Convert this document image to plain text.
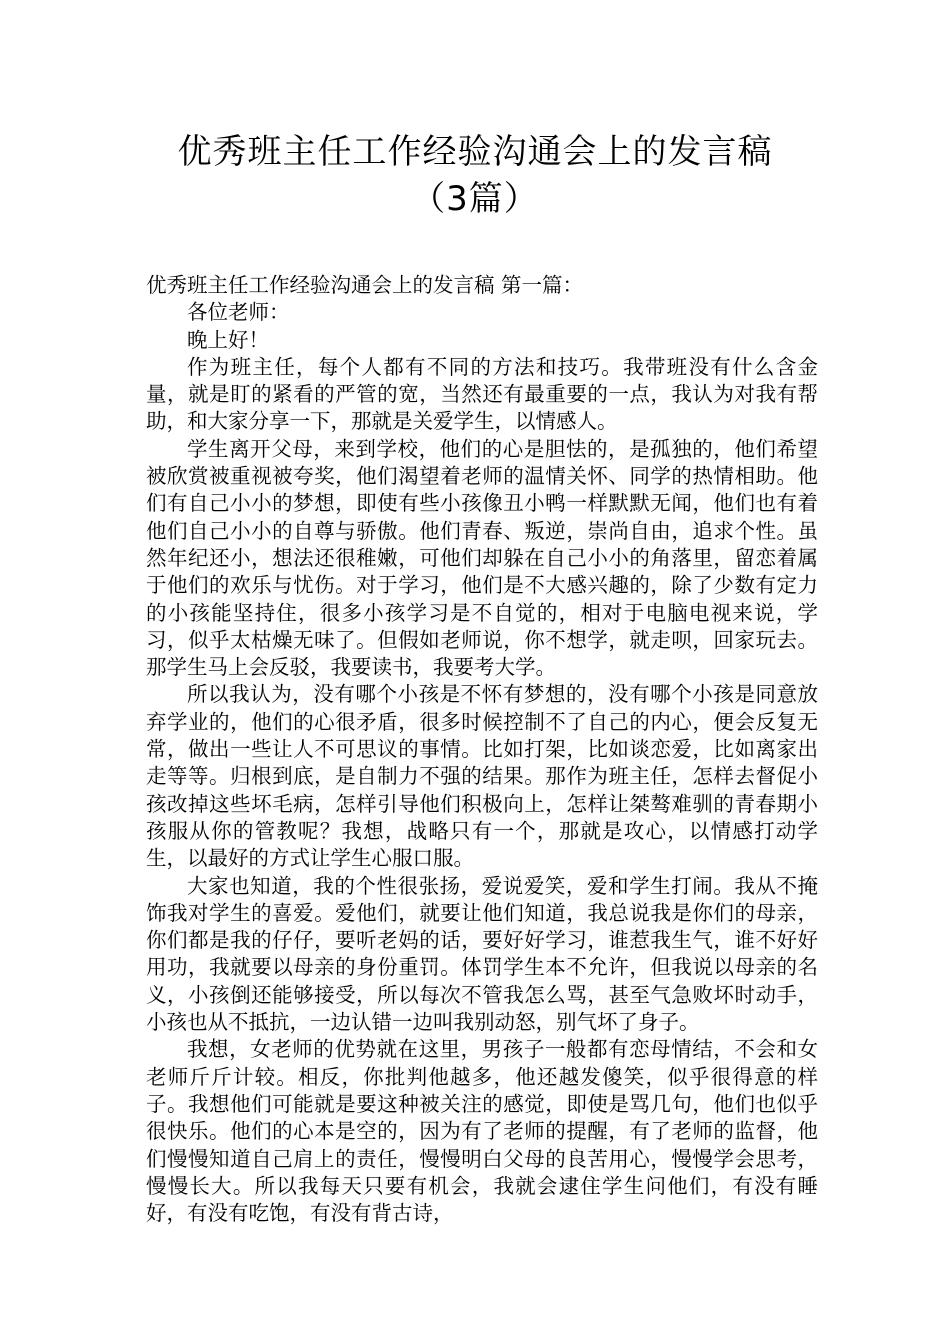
优秀班主任工作经验沟通会上的发言稿
（3篇）

优秀班主任工作经验沟通会上的发言稿 第一篇：

各位老师：

晚上好！

作为班主任，每个人都有不同的方法和技巧。我带班没有什么含金量，就是盯的紧看的严管的宽，当然还有最重要的一点，我认为对我有帮助，和大家分享一下，那就是关爱学生，以情感人。

学生离开父母，来到学校，他们的心是胆怯的，是孤独的，他们希望被欣赏被重视被夸奖，他们渴望着老师的温情关怀、同学的热情相助。他们有自己小小的梦想，即使有些小孩像丑小鸭一样默默无闻，他们也有着他们自己小小的自尊与骄傲。他们青春、叛逆，崇尚自由，追求个性。虽然年纪还小，想法还很稚嫩，可他们却躲在自己小小的角落里，留恋着属于他们的欢乐与忧伤。对于学习，他们是不大感兴趣的，除了少数有定力的小孩能坚持住，很多小孩学习是不自觉的，相对于电脑电视来说，学习，似乎太枯燥无味了。但假如老师说，你不想学，就走呗，回家玩去。那学生马上会反驳，我要读书，我要考大学。

所以我认为，没有哪个小孩是不怀有梦想的，没有哪个小孩是同意放弃学业的，他们的心很矛盾，很多时候控制不了自己的内心，便会反复无常，做出一些让人不可思议的事情。比如打架，比如谈恋爱，比如离家出走等等。归根到底，是自制力不强的结果。那作为班主任，怎样去督促小孩改掉这些坏毛病，怎样引导他们积极向上，怎样让桀骜难驯的青春期小孩服从你的管教呢？我想，战略只有一个，那就是攻心，以情感打动学生，以最好的方式让学生心服口服。

大家也知道，我的个性很张扬，爱说爱笑，爱和学生打闹。我从不掩饰我对学生的喜爱。爱他们，就要让他们知道，我总说我是你们的母亲，你们都是我的仔仔，要听老妈的话，要好好学习，谁惹我生气，谁不好好用功，我就要以母亲的身份重罚。体罚学生本不允许，但我说以母亲的名义，小孩倒还能够接受，所以每次不管我怎么骂，甚至气急败坏时动手，小孩也从不抵抗，一边认错一边叫我别动怒，别气坏了身子。

我想，女老师的优势就在这里，男孩子一般都有恋母情结，不会和女老师斤斤计较。相反，你批判他越多，他还越发傻笑，似乎很得意的样子。我想他们可能就是要这种被关注的感觉，即使是骂几句，他们也似乎很快乐。他们的心本是空的，因为有了老师的提醒，有了老师的监督，他们慢慢知道自己肩上的责任，慢慢明白父母的良苦用心，慢慢学会思考，慢慢长大。所以我每天只要有机会，我就会逮住学生问他们，有没有睡好，有没有吃饱，有没有背古诗，
